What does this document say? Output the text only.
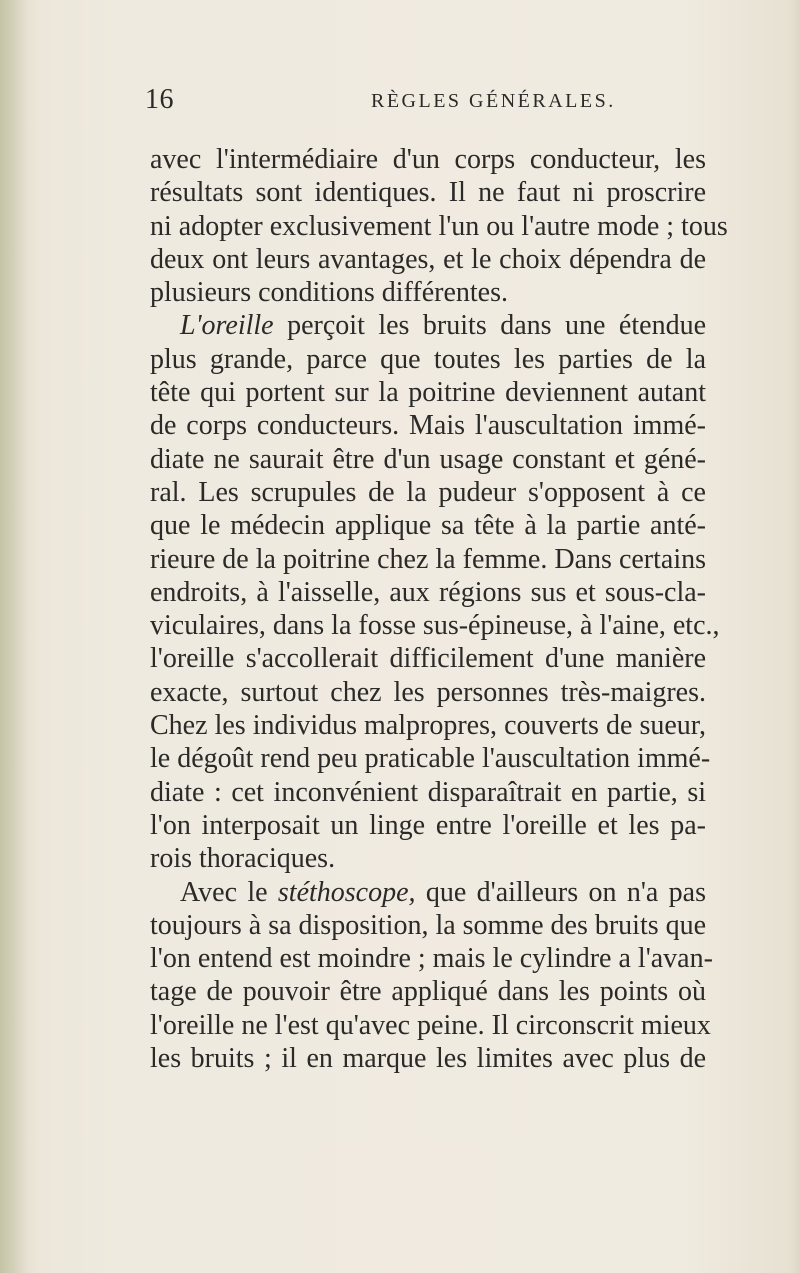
16	RÈGLES GÉNÉRALES.
avec l'intermédiaire d'un corps conducteur, les
résultats sont identiques. Il ne faut ni proscrire
ni adopter exclusivement l'un ou l'autre mode ; tous
deux ont leurs avantages, et le choix dépendra de
plusieurs conditions différentes.
L'oreille perçoit les bruits dans une étendue
plus grande, parce que toutes les parties de la
tête qui portent sur la poitrine deviennent autant
de corps conducteurs. Mais l'auscultation immé-
diate ne saurait être d'un usage constant et géné-
ral. Les scrupules de la pudeur s'opposent à ce
que le médecin applique sa tête à la partie anté-
rieure de la poitrine chez la femme. Dans certains
endroits, à l'aisselle, aux régions sus et sous-cla-
viculaires, dans la fosse sus-épineuse, à l'aine, etc.,
l'oreille s'accollerait difficilement d'une manière
exacte, surtout chez les personnes très-maigres.
Chez les individus malpropres, couverts de sueur,
le dégoût rend peu praticable l'auscultation immé-
diate : cet inconvénient disparaîtrait en partie, si
l'on interposait un linge entre l'oreille et les pa-
rois thoraciques.
Avec le stéthoscope, que d'ailleurs on n'a pas
toujours à sa disposition, la somme des bruits que
l'on entend est moindre ; mais le cylindre a l'avan-
tage de pouvoir être appliqué dans les points où
l'oreille ne l'est qu'avec peine. Il circonscrit mieux
les bruits ; il en marque les limites avec plus de
